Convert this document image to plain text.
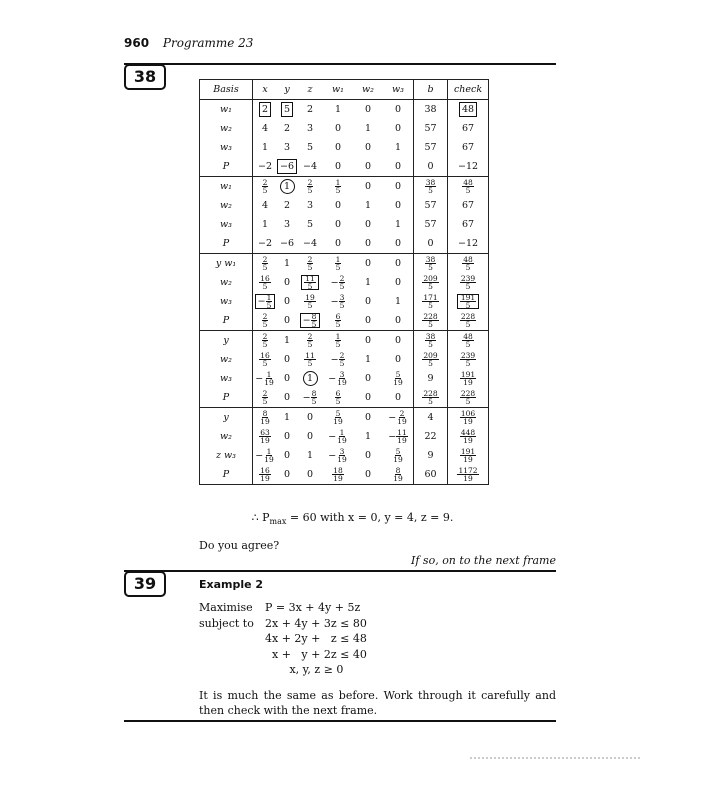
960 Programme 23
38
Basis	x	y	z	w₁	w₂	w₃	b	check
w₁	2	5	2	1	0	0	38	48
w₂	4	2	3	0	1	0	57	67
w₃	1	3	5	0	0	1	57	67
P	−2	−6	−4	0	0	0	0	−12
w₁	$\frac{2}{5}$	1	$\frac{2}{5}$	$\frac{1}{5}$	0	0	$\frac{38}{5}$	$\frac{48}{5}$

w₂	4	2	3	0	1	0	57	67
w₃	1	3	5	0	0	1	57	67
P	−2	−6	−4	0	0	0	0	−12
y w₁	$\frac{2}{5}$	1	$\frac{2}{5}$	$\frac{1}{5}$	0	0	$\frac{38}{5}$	$\frac{48}{5}$

w₂	$\frac{16}{5}$	0	$\frac{11}{5}$	− $\frac{2}{5}$	1	0	$\frac{209}{5}$	$\frac{239}{5}$

w₃	− $\frac{1}{5}$	0	$\frac{19}{5}$	− $\frac{3}{5}$	0	1	$\frac{171}{5}$	$\frac{191}{5}$

P	$\frac{2}{5}$	0	− $\frac{8}{5}$	$\frac{6}{5}$	0	0	$\frac{228}{5}$	$\frac{228}{5}$

y	$\frac{2}{5}$	1	$\frac{2}{5}$	$\frac{1}{5}$	0	0	$\frac{38}{5}$	$\frac{48}{5}$

w₂	$\frac{16}{5}$	0	$\frac{11}{5}$	− $\frac{2}{5}$	1	0	$\frac{209}{5}$	$\frac{239}{5}$

w₃	− $\frac{1}{19}$	0	1	− $\frac{3}{19}$	0	$\frac{5}{19}$	9	$\frac{191}{19}$

P	$\frac{2}{5}$	0	− $\frac{8}{5}$	$\frac{6}{5}$	0	0	$\frac{228}{5}$	$\frac{228}{5}$

y	$\frac{8}{19}$	1	0	$\frac{5}{19}$	0	− $\frac{2}{19}$	4	$\frac{106}{19}$

w₂	$\frac{63}{19}$	0	0	− $\frac{1}{19}$	1	− $\frac{11}{19}$	22	$\frac{448}{19}$

z w₃	− $\frac{1}{19}$	0	1	− $\frac{3}{19}$	0	$\frac{5}{19}$	9	$\frac{191}{19}$

P	$\frac{16}{19}$	0	0	$\frac{18}{19}$	0	$\frac{8}{19}$	60	$\frac{1172}{19}$
∴ $P_{max} = 60$ with x = 0, y = 4, z = 9.
Do you agree?
If so, on to the next frame
39	Example 2
Maximise	P = 3x + 4y + 5z
subject to	2x + 4y + 3z ≤ 80
4x + 2y +   z ≤ 48
x +   y + 2z ≤ 40
x, y, z ≥ 0
It is much the same as before. Work through it carefully and then check with the next frame.
